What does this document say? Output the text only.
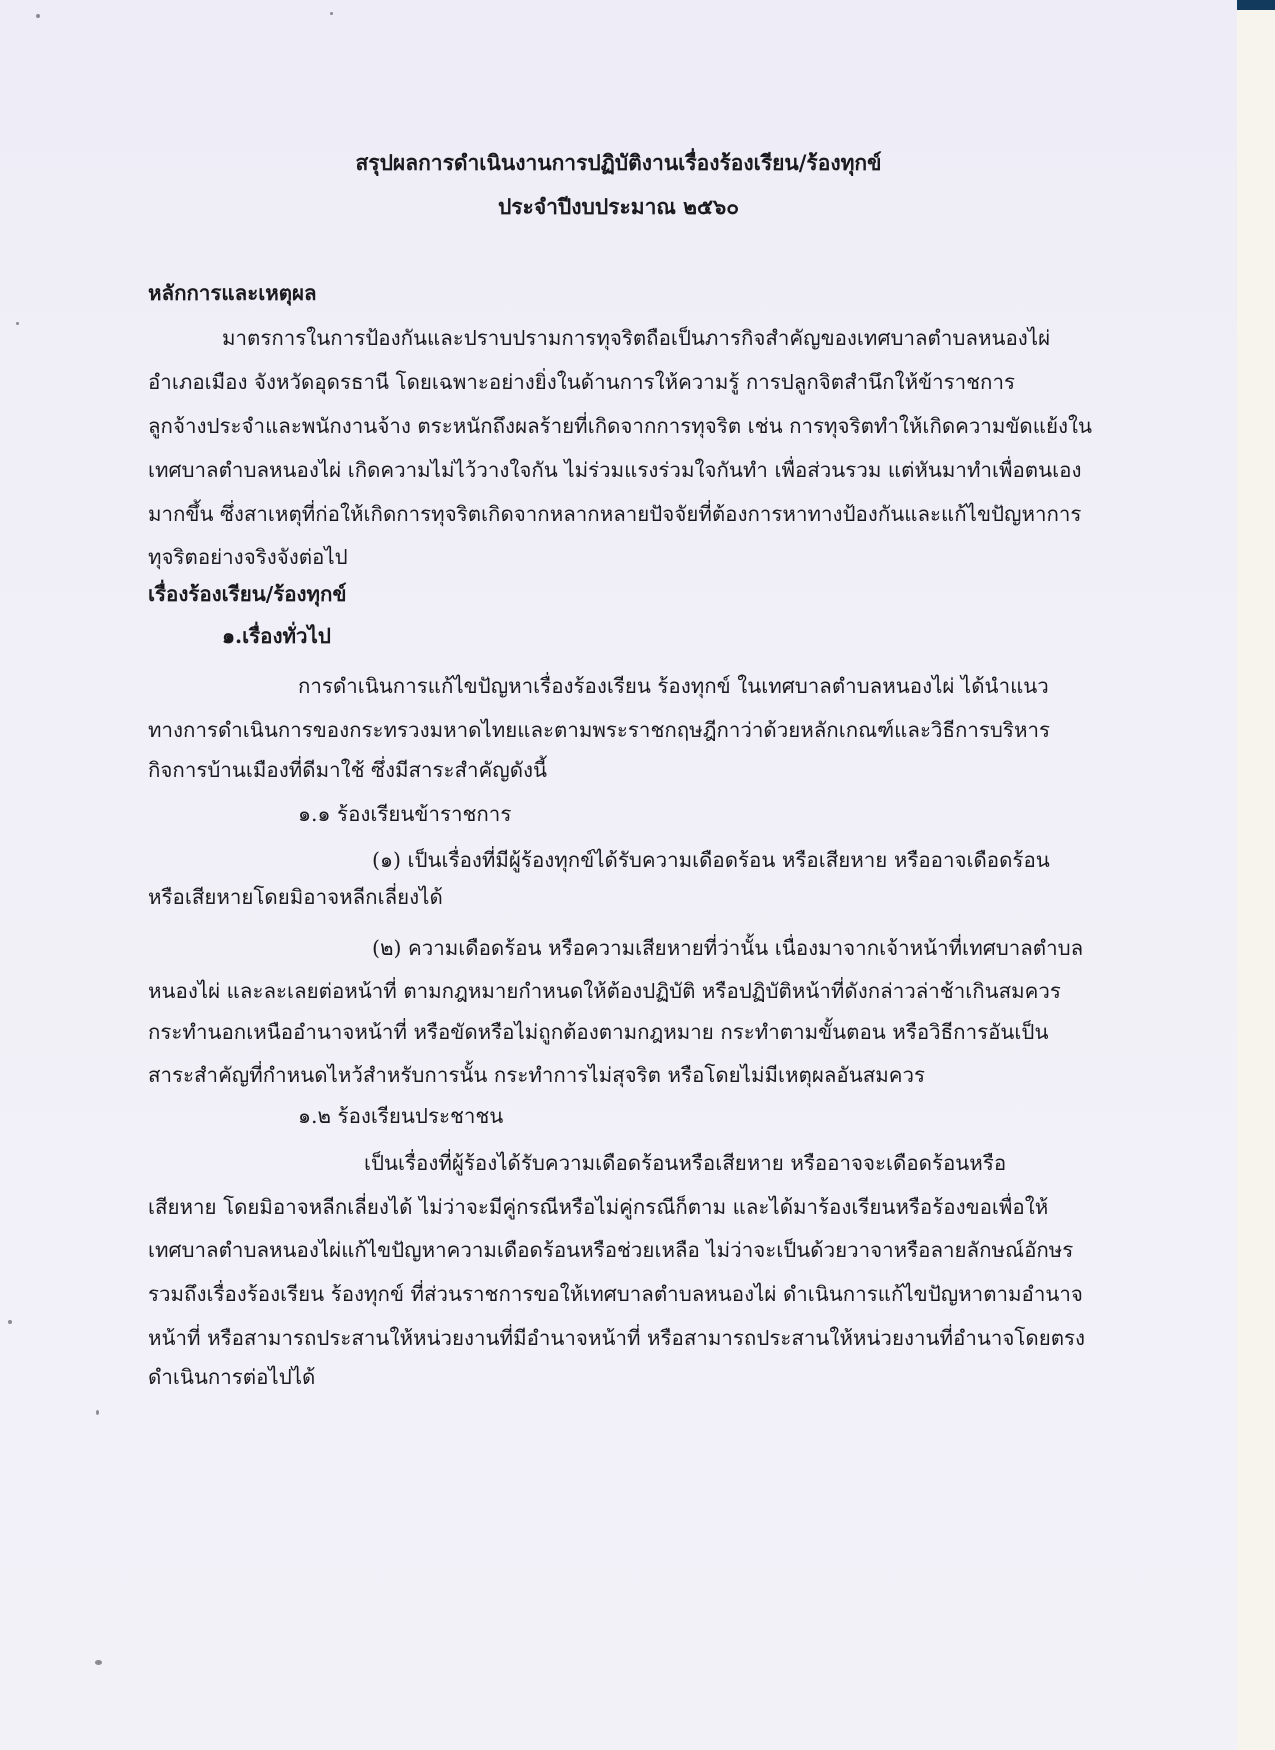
สรุปผลการดำเนินงานการปฏิบัติงานเรื่องร้องเรียน/ร้องทุกข์
ประจำปีงบประมาณ ๒๕๖๐
หลักการและเหตุผล
มาตรการในการป้องกันและปราบปรามการทุจริตถือเป็นภารกิจสำคัญของเทศบาลตำบลหนองไผ่
อำเภอเมือง จังหวัดอุดรธานี โดยเฉพาะอย่างยิ่งในด้านการให้ความรู้ การปลูกจิตสำนึกให้ข้าราชการ
ลูกจ้างประจำและพนักงานจ้าง ตระหนักถึงผลร้ายที่เกิดจากการทุจริต เช่น การทุจริตทำให้เกิดความขัดแย้งใน
เทศบาลตำบลหนองไผ่ เกิดความไม่ไว้วางใจกัน ไม่ร่วมแรงร่วมใจกันทำ เพื่อส่วนรวม แต่หันมาทำเพื่อตนเอง
มากขึ้น ซึ่งสาเหตุที่ก่อให้เกิดการทุจริตเกิดจากหลากหลายปัจจัยที่ต้องการหาทางป้องกันและแก้ไขปัญหาการ
ทุจริตอย่างจริงจังต่อไป
เรื่องร้องเรียน/ร้องทุกข์
๑.เรื่องทั่วไป
การดำเนินการแก้ไขปัญหาเรื่องร้องเรียน ร้องทุกข์ ในเทศบาลตำบลหนองไผ่ ได้นำแนว
ทางการดำเนินการของกระทรวงมหาดไทยและตามพระราชกฤษฎีกาว่าด้วยหลักเกณฑ์และวิธีการบริหาร
กิจการบ้านเมืองที่ดีมาใช้ ซึ่งมีสาระสำคัญดังนี้
๑.๑ ร้องเรียนข้าราชการ
(๑) เป็นเรื่องที่มีผู้ร้องทุกข์ได้รับความเดือดร้อน หรือเสียหาย หรืออาจเดือดร้อน
หรือเสียหายโดยมิอาจหลีกเลี่ยงได้
(๒) ความเดือดร้อน หรือความเสียหายที่ว่านั้น เนื่องมาจากเจ้าหน้าที่เทศบาลตำบล
หนองไผ่ และละเลยต่อหน้าที่ ตามกฎหมายกำหนดให้ต้องปฏิบัติ หรือปฏิบัติหน้าที่ดังกล่าวล่าช้าเกินสมควร
กระทำนอกเหนืออำนาจหน้าที่ หรือขัดหรือไม่ถูกต้องตามกฎหมาย กระทำตามขั้นตอน หรือวิธีการอันเป็น
สาระสำคัญที่กำหนดไหว้สำหรับการนั้น กระทำการไม่สุจริต หรือโดยไม่มีเหตุผลอันสมควร
๑.๒ ร้องเรียนประชาชน
เป็นเรื่องที่ผู้ร้องได้รับความเดือดร้อนหรือเสียหาย หรืออาจจะเดือดร้อนหรือ
เสียหาย โดยมิอาจหลีกเลี่ยงได้ ไม่ว่าจะมีคู่กรณีหรือไม่คู่กรณีก็ตาม และได้มาร้องเรียนหรือร้องขอเพื่อให้
เทศบาลตำบลหนองไผ่แก้ไขปัญหาความเดือดร้อนหรือช่วยเหลือ ไม่ว่าจะเป็นด้วยวาจาหรือลายลักษณ์อักษร
รวมถึงเรื่องร้องเรียน ร้องทุกข์ ที่ส่วนราชการขอให้เทศบาลตำบลหนองไผ่ ดำเนินการแก้ไขปัญหาตามอำนาจ
หน้าที่ หรือสามารถประสานให้หน่วยงานที่มีอำนาจหน้าที่ หรือสามารถประสานให้หน่วยงานที่อำนาจโดยตรง
ดำเนินการต่อไปได้
